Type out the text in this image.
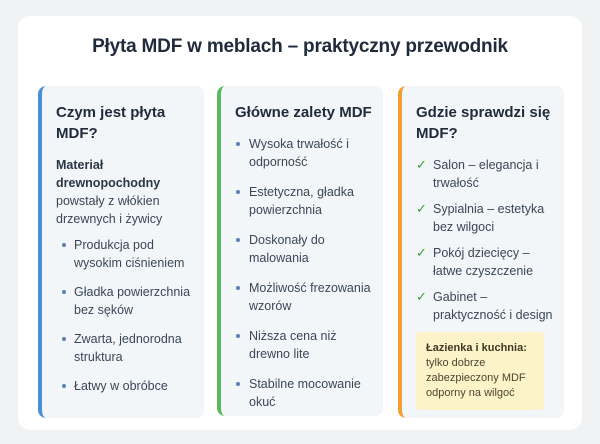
Płyta MDF w meblach – praktyczny przewodnik
Czym jest płyta MDF?
Materiał drewnopochodny
powstały z włókien drzewnych i żywicy
Produkcja pod wysokim ciśnieniem
Gładka powierzchnia bez sęków
Zwarta, jednorodna struktura
Łatwy w obróbce
Główne zalety MDF
Wysoka trwałość i odporność
Estetyczna, gładka powierzchnia
Doskonały do malowania
Możliwość frezowania wzorów
Niższa cena niż drewno lite
Stabilne mocowanie okuć
Gdzie sprawdzi się MDF?
✓ Salon – elegancja i trwałość
✓ Sypialnia – estetyka bez wilgoci
✓ Pokój dziecięcy – łatwe czyszczenie
✓ Gabinet – praktyczność i design
Łazienka i kuchnia:
tylko dobrze zabezpieczony MDF odporny na wilgoć
